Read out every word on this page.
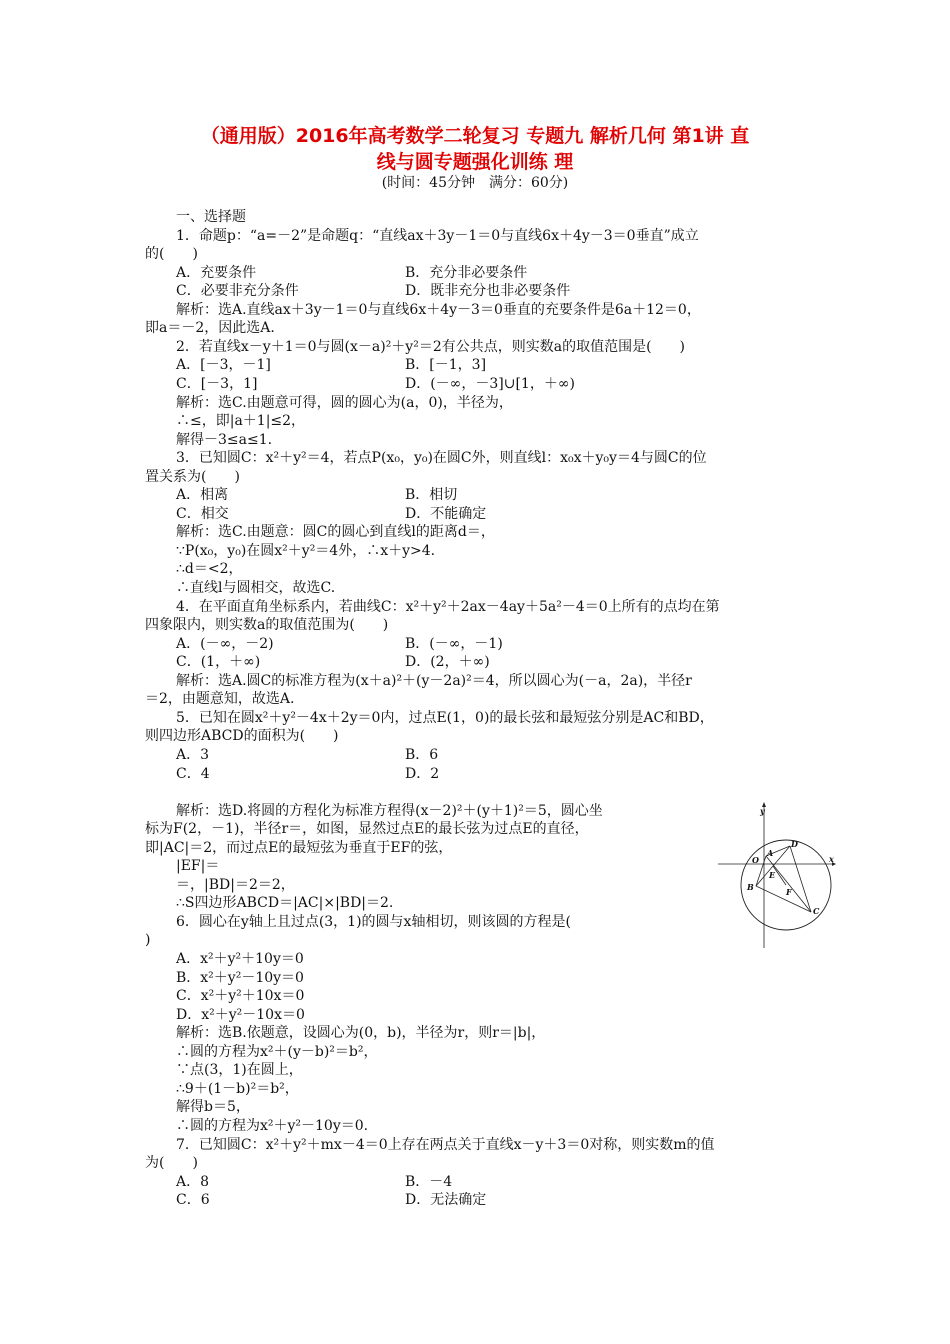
（通用版）2016年高考数学二轮复习 专题九 解析几何 第1讲 直
线与圆专题强化训练 理
(时间：45分钟　满分：60分)
一、选择题
1．命题p：“a=－2”是命题q：“直线ax＋3y－1＝0与直线6x＋4y－3＝0垂直”成立
的(　　)
A．充要条件	B．充分非必要条件
C．必要非充分条件	D．既非充分也非必要条件
解析：选A.直线ax＋3y－1＝0与直线6x＋4y－3＝0垂直的充要条件是6a＋12＝0，
即a＝－2，因此选A.
2．若直线x－y＋1＝0与圆(x－a)²＋y²＝2有公共点，则实数a的取值范围是(　　)
A．[－3，－1]	B．[－1，3]
C．[－3，1]	D．(－∞，－3]∪[1，＋∞)
解析：选C.由题意可得，圆的圆心为(a，0)，半径为，
∴≤，即|a＋1|≤2，
解得－3≤a≤1.
3．已知圆C：x²＋y²＝4，若点P(x₀，y₀)在圆C外，则直线l：x₀x＋y₀y＝4与圆C的位
置关系为(　　)
A．相离	B．相切
C．相交	D．不能确定
解析：选C.由题意：圆C的圆心到直线l的距离d＝，
∵P(x₀，y₀)在圆x²＋y²＝4外，∴x＋y>4.
∴d＝<2，
∴直线l与圆相交，故选C.
4．在平面直角坐标系内，若曲线C：x²＋y²＋2ax－4ay＋5a²－4＝0上所有的点均在第
四象限内，则实数a的取值范围为(　　)
A．(－∞，－2)	B．(－∞，－1)
C．(1，＋∞)	D．(2，＋∞)
解析：选A.圆C的标准方程为(x＋a)²＋(y－2a)²＝4，所以圆心为(－a，2a)，半径r
＝2，由题意知，故选A.
5．已知在圆x²＋y²－4x＋2y＝0内，过点E(1，0)的最长弦和最短弦分别是AC和BD，
则四边形ABCD的面积为(　　)
A．3	B．6
C．4	D．2
解析：选D.将圆的方程化为标准方程得(x－2)²＋(y＋1)²＝5，圆心坐
标为F(2，－1)，半径r＝，如图，显然过点E的最长弦为过点E的直径，
即|AC|＝2，而过点E的最短弦为垂直于EF的弦，
|EF|＝
＝，|BD|＝2＝2，
∴S四边形ABCD＝|AC|×|BD|＝2.
6．圆心在y轴上且过点(3，1)的圆与x轴相切，则该圆的方程是(
)
A．x²＋y²＋10y＝0
B．x²＋y²－10y＝0
C．x²＋y²＋10x＝0
D．x²＋y²－10x＝0
解析：选B.依题意，设圆心为(0，b)，半径为r，则r＝|b|，
∴圆的方程为x²＋(y－b)²＝b²，
∵点(3，1)在圆上，
∴9＋(1－b)²＝b²，
解得b＝5，
∴圆的方程为x²＋y²－10y＝0.
7．已知圆C：x²＋y²＋mx－4＝0上存在两点关于直线x－y＋3＝0对称，则实数m的值
为(　　)
A．8	B．－4
C．6	D．无法确定
y
x
O
A
D
B
C
E
F
